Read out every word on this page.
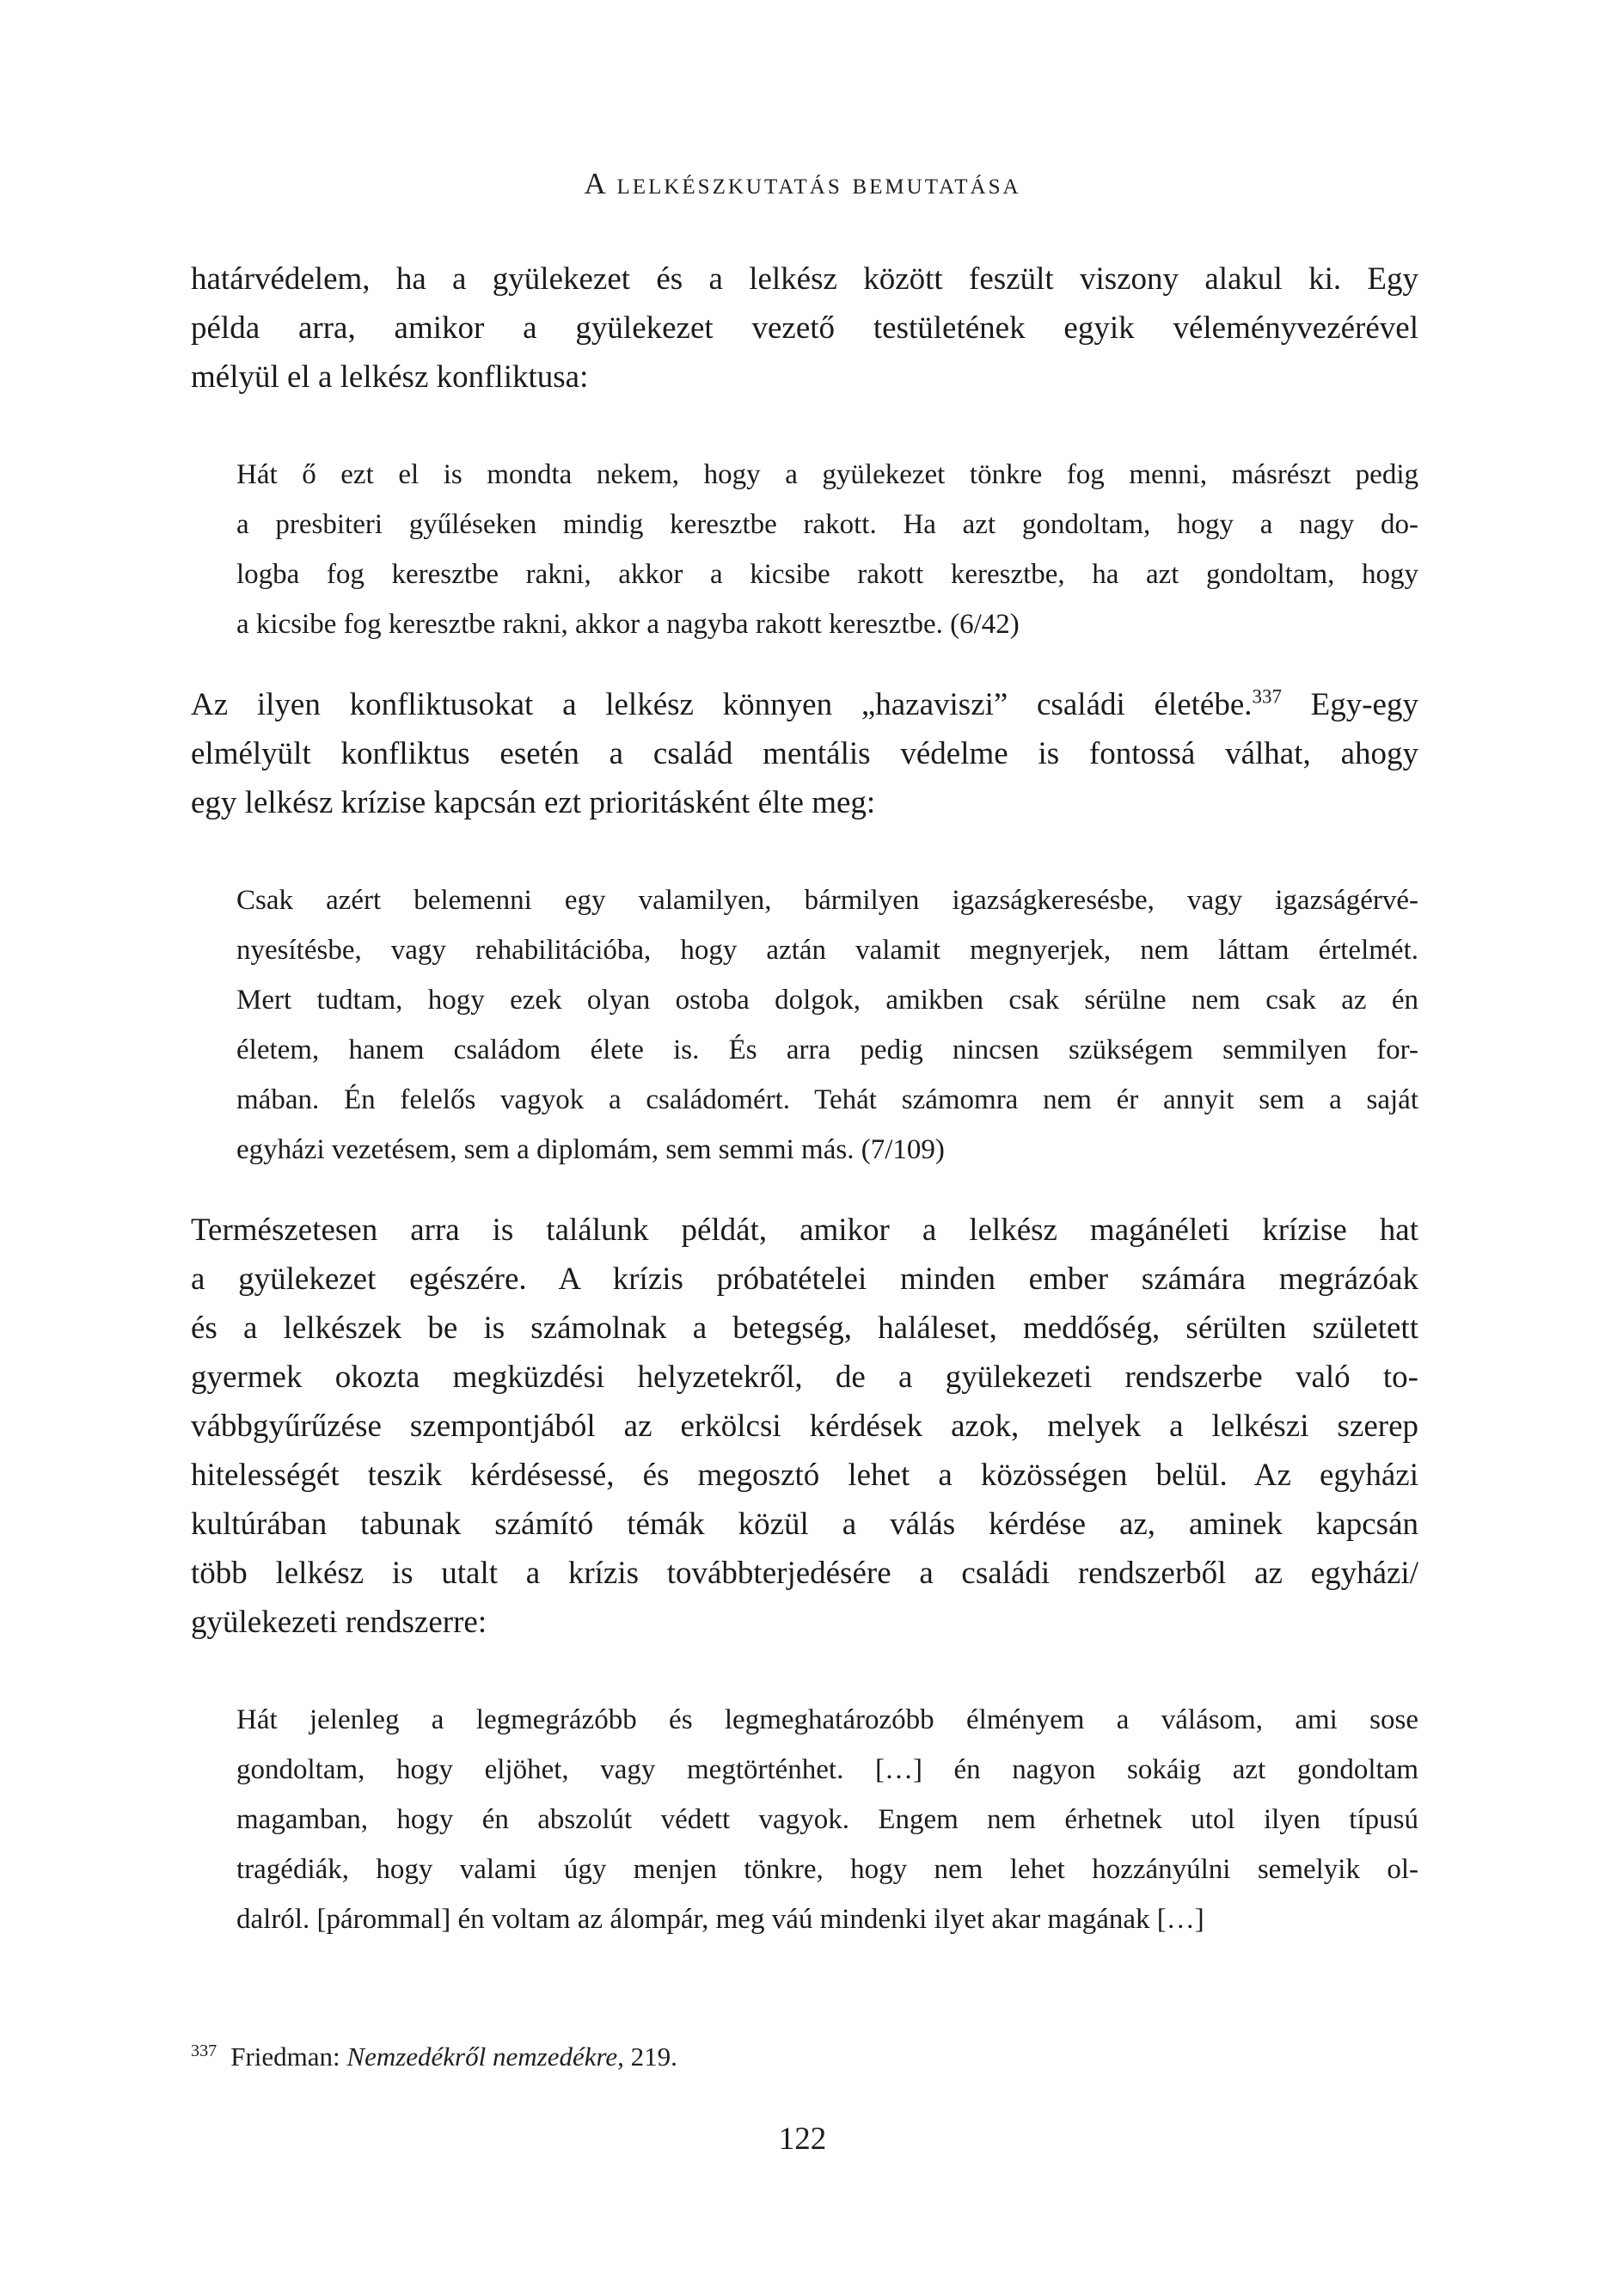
A lelkészkutatás bemutatása
határvédelem, ha a gyülekezet és a lelkész között feszült viszony alakul ki. Egy
példa arra, amikor a gyülekezet vezető testületének egyik véleményvezérével
mélyül el a lelkész konfliktusa:
Hát ő ezt el is mondta nekem, hogy a gyülekezet tönkre fog menni, másrészt pedig
a presbiteri gyűléseken mindig keresztbe rakott. Ha azt gondoltam, hogy a nagy do-
logba fog keresztbe rakni, akkor a kicsibe rakott keresztbe, ha azt gondoltam, hogy
a kicsibe fog keresztbe rakni, akkor a nagyba rakott keresztbe. (6/42)
Az ilyen konfliktusokat a lelkész könnyen „hazaviszi” családi életébe.$^{337}$ Egy-egy
elmélyült konfliktus esetén a család mentális védelme is fontossá válhat, ahogy
egy lelkész krízise kapcsán ezt prioritásként élte meg:
Csak azért belemenni egy valamilyen, bármilyen igazságkeresésbe, vagy igazságérvé-
nyesítésbe, vagy rehabilitációba, hogy aztán valamit megnyerjek, nem láttam értelmét.
Mert tudtam, hogy ezek olyan ostoba dolgok, amikben csak sérülne nem csak az én
életem, hanem családom élete is. És arra pedig nincsen szükségem semmilyen for-
mában. Én felelős vagyok a családomért. Tehát számomra nem ér annyit sem a saját
egyházi vezetésem, sem a diplomám, sem semmi más. (7/109)
Természetesen arra is találunk példát, amikor a lelkész magánéleti krízise hat
a gyülekezet egészére. A krízis próbatételei minden ember számára megrázóak
és a lelkészek be is számolnak a betegség, haláleset, meddőség, sérülten született
gyermek okozta megküzdési helyzetekről, de a gyülekezeti rendszerbe való to-
vábbgyűrűzése szempontjából az erkölcsi kérdések azok, melyek a lelkészi szerep
hitelességét teszik kérdésessé, és megosztó lehet a közösségen belül. Az egyházi
kultúrában tabunak számító témák közül a válás kérdése az, aminek kapcsán
több lelkész is utalt a krízis továbbterjedésére a családi rendszerből az egyházi/
gyülekezeti rendszerre:
Hát jelenleg a legmegrázóbb és legmeghatározóbb élményem a válásom, ami sose
gondoltam, hogy eljöhet, vagy megtörténhet. […] én nagyon sokáig azt gondoltam
magamban, hogy én abszolút védett vagyok. Engem nem érhetnek utol ilyen típusú
tragédiák, hogy valami úgy menjen tönkre, hogy nem lehet hozzányúlni semelyik ol-
dalról. [párommal] én voltam az álompár, meg váú mindenki ilyet akar magának […]
$^{337}$ Friedman: Nemzedékről nemzedékre, 219.
122
